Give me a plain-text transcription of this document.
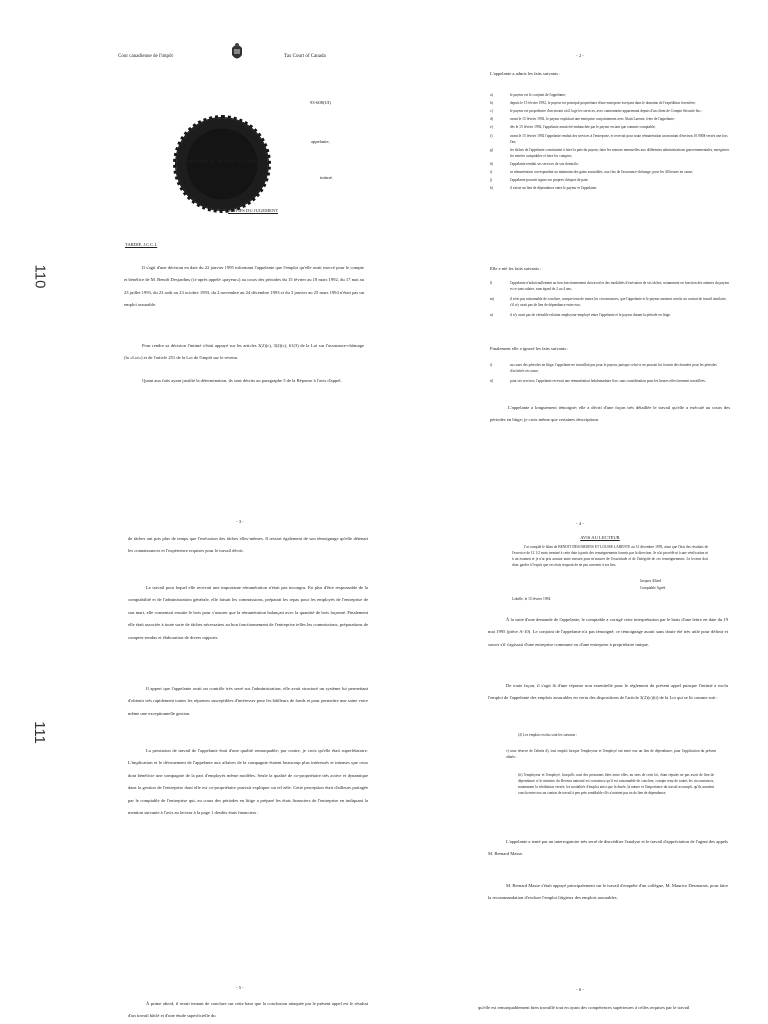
Cour canadienne de l'impôt	Tax Court of Canada
93-608(UI)
LOUISE LARENTE,
appelante,
c.
LE MINISTRE DU REVENU NATIONAL,
intimé.
MOTIFS DU JUGEMENT
TARDIF, J.C.C.I.

Il s'agit d'une décision en date du 22 janvier 1995 informant l'appelante que l'emploi qu'elle avait exercé pour le compte et bénéfice de M. Benoît Desjardins (ci-après appelé «payeur») au cours des périodes du 15 février au 18 mars 1992, du 17 mai au 23 juillet 1993, du 23 août au 23 octobre 1993, du 2 novembre au 24 décembre 1993 et du 3 janvier au 25 mars 1994 n'était pas un emploi assurable.

Pour rendre sa décision l'intimé s'était appuyé sur les articles 3(2)(c), 3(2)(c), 61(3) de la Loi sur l'assurance-chômage (la «Loi») et de l'article 251 de la Loi de l'impôt sur le revenu.

Quant aux faits ayant justifié la détermination, ils sont décrits au paragraphe 5 de la Réponse à l'avis d'appel.

110
- 2 -
L'appelante a admis les faits suivants :
a)	le payeur est le conjoint de l'appelante;
b)	depuis le 15 février 1992, le payeur est principal propriétaire d'une entreprise exerçant dans le domaine de l'expédition forestière;
c)	le payeur est propriétaire d'un terrain où il loge les services, avec camionnette appartenant depuis d'un client de Compte Sécurité Inc.;
d)	avant le 15 février 1992, le payeur exploitait une entreprise conjointement avec Alain Larente, frère de l'appelante;
e)	dès le 15 février 1992, l'appelante aurait été embauchée par le payeur en tant que commis-comptable;
f)	avant le 15 février 1992 l'appelante rendait des services à l'entreprise, et recevait pour toute rémunération un montant d'environ 10 000$ versés une fois l'an;
g)	les tâches de l'appelante consistaient à faire la paie du payeur, faire les remises mensuelles aux différentes administrations gouvernementales, enregistrer les entrées comptables et faire les comptes;
h)	l'appelante rendait ses services de son domicile;
i)	sa rémunération correspondait au minimum des gains assurables, aux fins de l'assurance-chômage, pour les 40 heures en cause;
j)	l'appelante pouvait signer ses propres chèques de paie;
k)	il existe un lien de dépendance entre le payeur et l'appelante.
Elle a nié les faits suivants :
l)	l'appelante n'aidait nullement au bon fonctionnement du travail et des modalités d'exécution de ses tâches, notamment en fonction des attentes du payeur et ce sans salaire, sans égard de 2 ou 4 ans;
m)	il n'est pas raisonnable de conclure, compte tenu de toutes les circonstances, que l'appelante et le payeur auraient conclu un contrat de travail similaire, s'il n'y avait pas de lien de dépendance entre eux;
n)	il n'y avait pas de véritable relation employeur-employé entre l'appelante et le payeur durant la période en litige.
Finalement elle a ignoré les faits suivants :
i)	au cours des périodes en litige, l'appelante ne travaillait pas pour le payeur, puisque celui-ci ne pouvait lui fournir des données pour les périodes d'activités en cause;
ii)	pour ses services, l'appelante recevait une rémunération hebdomadaire fixe, sans considération pour les heures effectivement travaillées.

L'appelante a longuement témoigné; elle a décrit d'une façon très détaillée le travail qu'elle a exécuté au cours des périodes en litige; je crois même que certaines descriptions

- 3 -

de tâches ont pris plus de temps que l'exécution des tâches elles-mêmes. Il ressort également de son témoignage qu'elle détenait les connaissances et l'expérience requises pour le travail décrit.

Le travail pour lequel elle recevait une importante rémunération n'était pas incongru. En plus d'être responsable de la comptabilité et de l'administration générale, elle faisait les commissions, préparait les repas pour les employés de l'entreprise de son mari, elle consentait ensuite le bois pour s'assurer que la rémunération balançait avec la quantité de bois façonné. Finalement elle était associée à toute sorte de tâches nécessaires au bon fonctionnement de l'entreprise telles les commissions, préparations de comptes-rendus et élaboration de divers rapports.

Il appert que l'appelante avait un contrôle très serré sur l'administration; elle avait structuré un système lui permettant d'obtenir très rapidement toutes les réponses susceptibles d'intéresser pour les bâilleurs de fonds et pour permettre une saine voire même une exceptionnelle gestion.

La prestation de travail de l'appelante était d'une qualité remarquable; par contre, je crois qu'elle était superfétatoire. L'implication et le dévouement de l'appelante aux affaires de la compagnie étaient beaucoup plus intéressés et intenses que ceux dont bénéficie une compagnie de la part d'employés même modèles. Seule la qualité de co-propriétaire très active et dynamique dans la gestion de l'entreprise dont elle est co-propriétaire pouvait expliquer un tel zèle. Cette perception était d'ailleurs partagée par le comptable de l'entreprise qui, au cours des périodes en litige a préparé les états financiers de l'entreprise en indiquant la mention suivante à l'avis au lecteur à la page 1 desdits états financiers :

111
- 4 -
AVIS AU LECTEUR

J'ai compilé le bilan de BENOIT DESJARDINS ET LOUISE LARENTE au 31 décembre 1993, ainsi que l'état des résultats de l'exercice de 12 1/2 mois terminé à cette date à partir des renseignements fournis par la direction. Je n'ai procédé ni à une vérification ni à un examen et je n'ai pris aucune autre mesure pour m'assurer de l'exactitude et de l'intégrité de ces renseignements. Le lecteur doit donc garder à l'esprit que ces états risquent de ne pas convenir à ses fins.

Jacques Allard
Comptable Agréé.
Labelle, le 15 février 1994.

À la suite d'une demande de l'appelante, le comptable a corrigé cette interprétation par le biais d'une lettre en date du 19 mai 1995 (pièce A-10). Le conjoint de l'appelante n'a pas témoigné; ce témoignage aurait sans doute été très utile pour définir et savoir s'il s'agissait d'une entreprise commune ou d'une entreprise à propriétaire unique.

De toute façon, il s'agit là d'une réponse non essentielle pour le règlement du présent appel puisque l'intimé a exclu l'emploi de l'appelante des emplois assurables en vertu des dispositions de l'article 3(2)(c)(ii) de la Loi qui se lit comme suit :

(2) Les emplois exclus sont les suivants :

c) sous réserve de l'alinéa d), tout emploi lorsque l'employeur et l'employé ont entre eux un lien de dépendance, pour l'application du présent alinéa :

(ii) l'employeur et l'employé, lorsqu'ils sont des personnes liées entre elles, au sens de cette loi, étant réputés ne pas avoir de lien de dépendance si le ministre du Revenu national est convaincu qu'il est raisonnable de conclure, compte tenu de toutes les circonstances, notamment la rétribution versée, les modalités d'emploi ainsi que la durée, la nature et l'importance du travail accompli, qu'ils auraient conclu entre eux un contrat de travail à peu près semblable s'ils n'avaient pas eu de lien de dépendance;

L'appelante a tenté par un interrogatoire très serré de discréditer l'analyse et le travail d'appréciation de l'agent des appels M. Bernard Masse.

M. Bernard Masse s'était appuyé principalement sur le travail d'enquête d'un collègue, M. Maurice Desmarais, pour faire la recommandation d'exclure l'emploi litigieux des emplois assurables.

- 5 -

À prime abord, il serait tentant de conclure sur cette base que la conclusion attaquée par le présent appel est le résultat d'un travail bâclé et d'une étude superficielle du

- 6 -

qu'elle est remarquablement bien travaillé tout en ayant des compétences supérieures à celles requises par le travail
